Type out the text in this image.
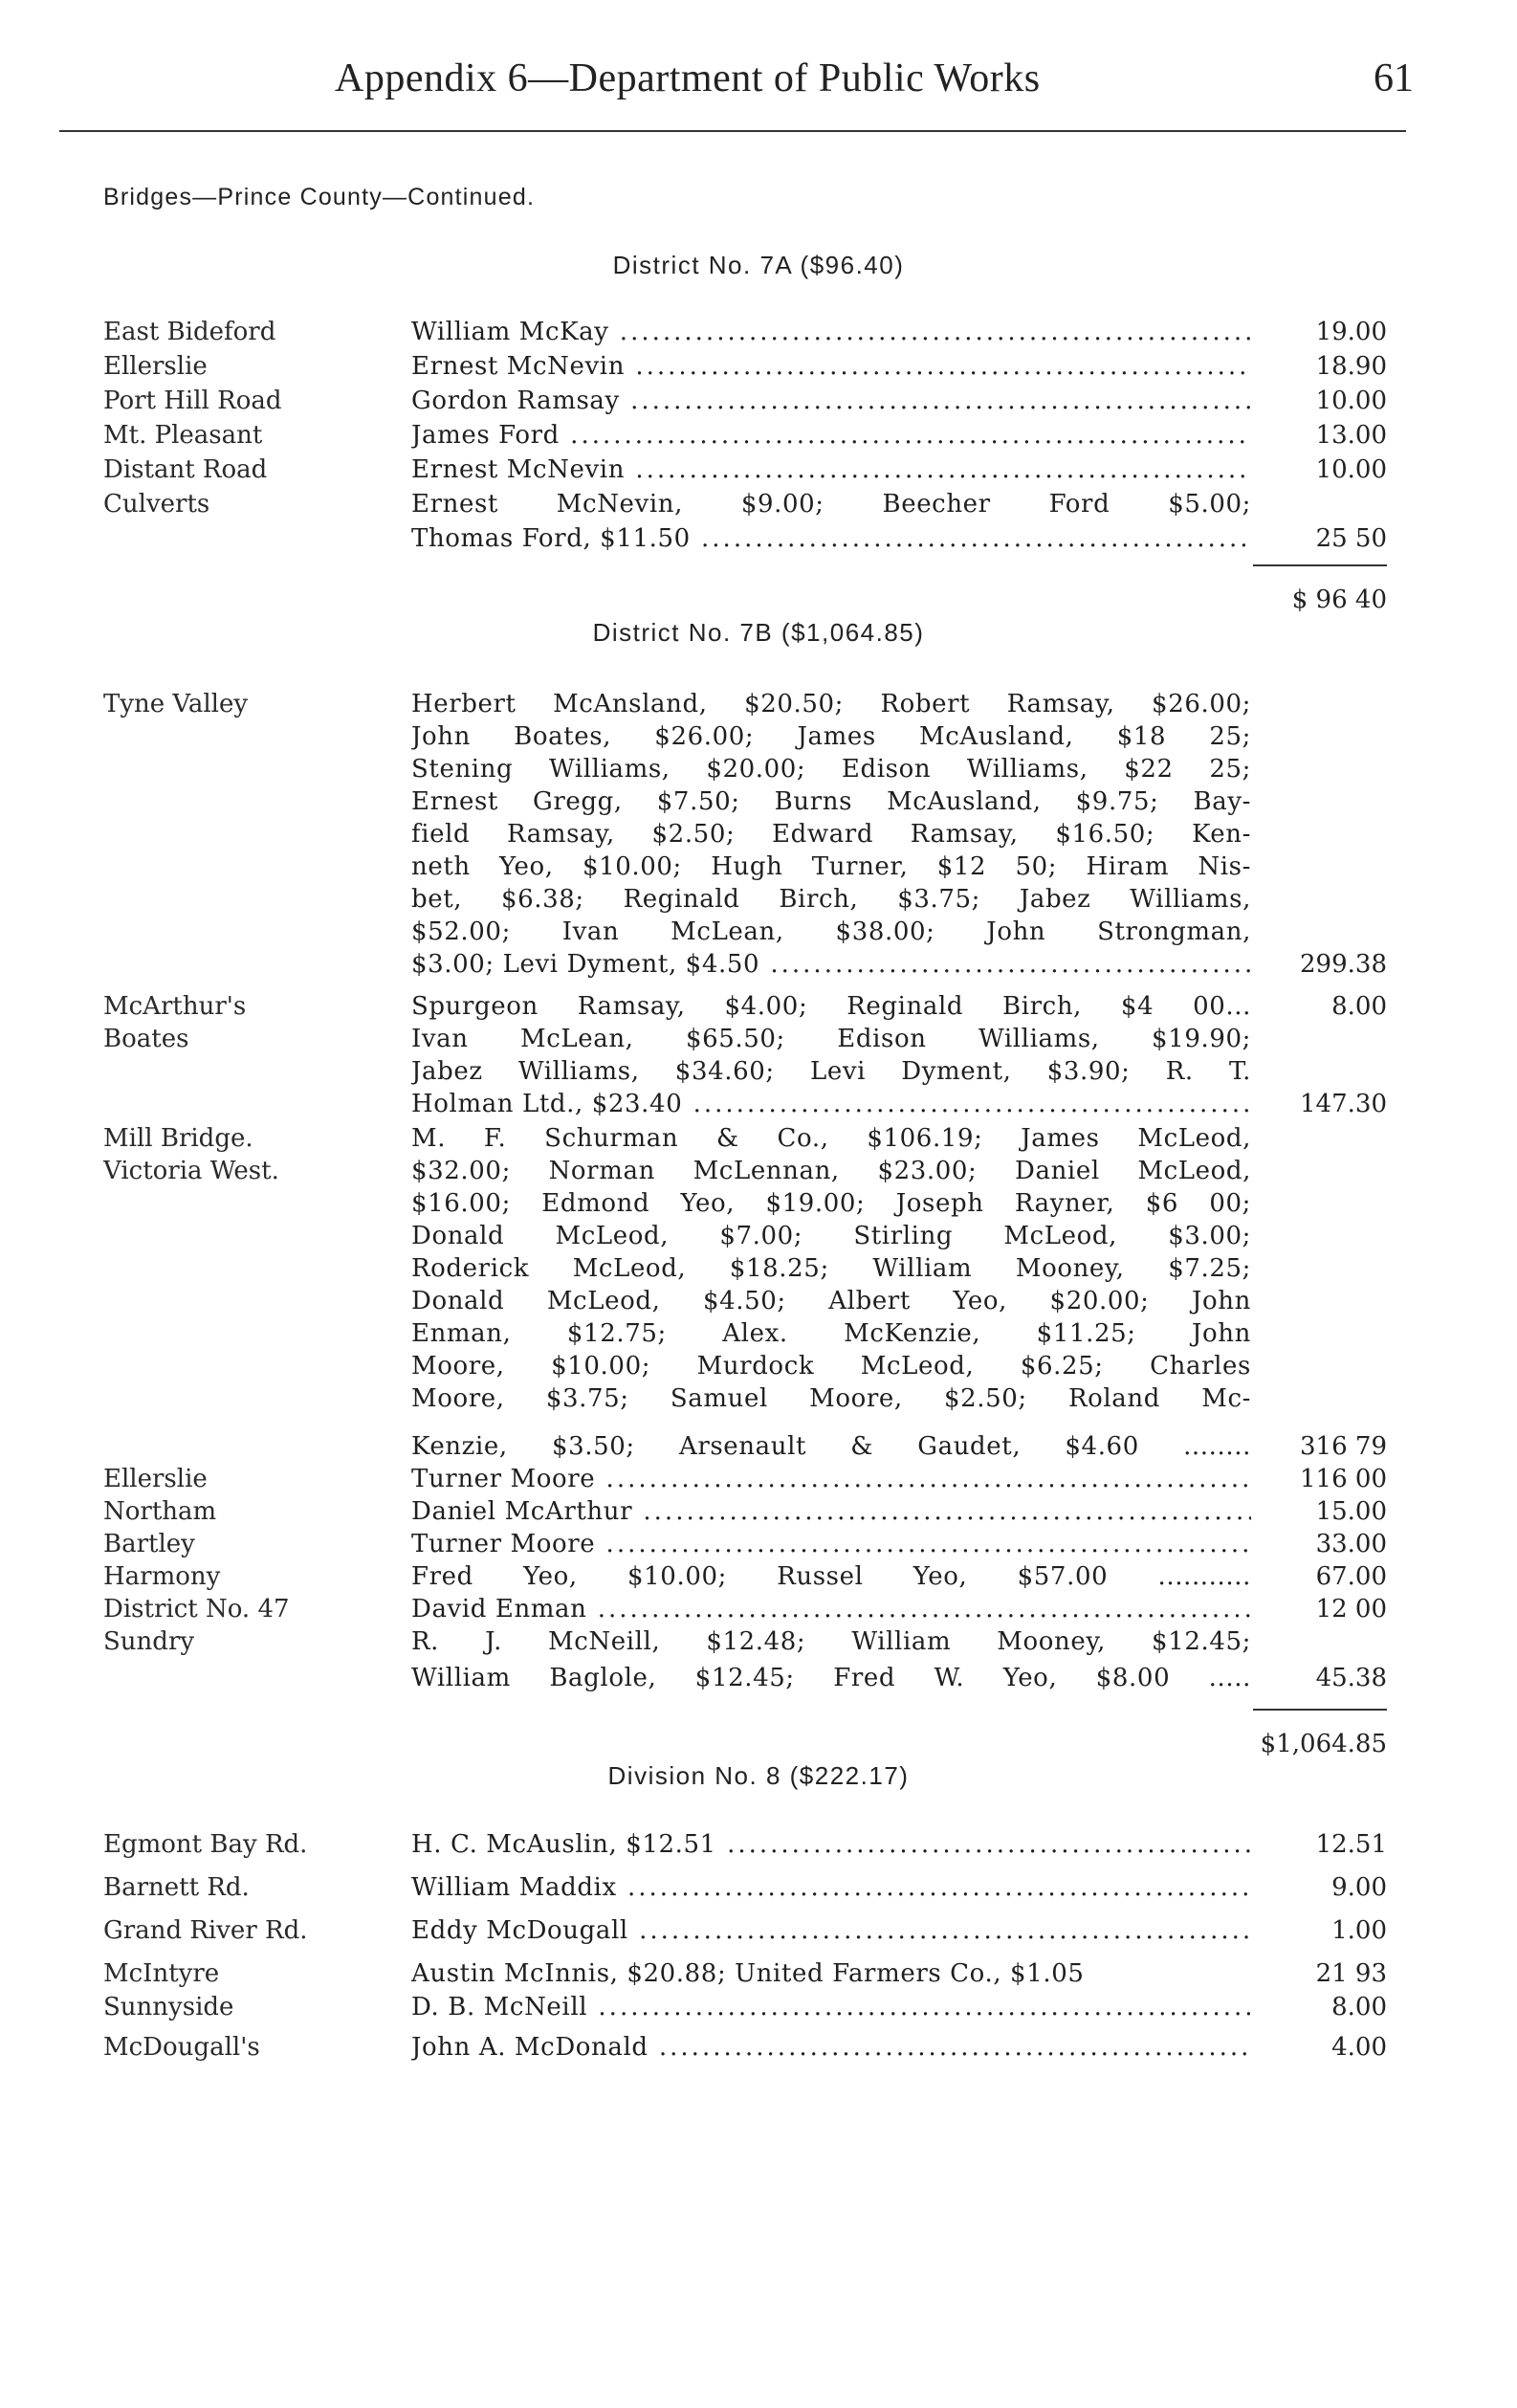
Appendix 6—Department of Public Works	61
Bridges—Prince County—Continued.
District No. 7A ($96.40)
East Bideford	William McKay .....	19.00
Ellerslie	Ernest McNevin .....	18.90
Port Hill Road	Gordon Ramsay .....	10.00
Mt. Pleasant	James Ford .....	13.00
Distant Road	Ernest McNevin .....	10.00
Culverts	Ernest McNevin, $9.00; Beecher Ford $5.00;
Thomas Ford, $11.50 .....	25 50
$ 96 40
District No. 7B ($1,064.85)
Tyne Valley	Herbert McAnsland, $20.50; Robert Ramsay, $26.00;
John Boates, $26.00; James McAusland, $18 25;
Stening Williams, $20.00; Edison Williams, $22 25;
Ernest Gregg, $7.50; Burns McAusland, $9.75; Bay-
field Ramsay, $2.50; Edward Ramsay, $16.50; Ken-
neth Yeo, $10.00; Hugh Turner, $12 50; Hiram Nis-
bet, $6.38; Reginald Birch, $3.75; Jabez Williams,
$52.00; Ivan McLean, $38.00; John Strongman,
$3.00; Levi Dyment, $4.50 .....	299.38
McArthur's	Spurgeon Ramsay, $4.00; Reginald Birch, $4 00...	8.00
Boates	Ivan McLean, $65.50; Edison Williams, $19.90;
Jabez Williams, $34.60; Levi Dyment, $3.90; R. T.
Holman Ltd., $23.40 .....	147.30
Mill Bridge.	M. F. Schurman & Co., $106.19; James McLeod,
Victoria West.	$32.00; Norman McLennan, $23.00; Daniel McLeod,
$16.00; Edmond Yeo, $19.00; Joseph Rayner, $6 00;
Donald McLeod, $7.00; Stirling McLeod, $3.00;
Roderick McLeod, $18.25; William Mooney, $7.25;
Donald McLeod, $4.50; Albert Yeo, $20.00; John
Enman, $12.75; Alex. McKenzie, $11.25; John
Moore, $10.00; Murdock McLeod, $6.25; Charles
Moore, $3.75; Samuel Moore, $2.50; Roland Mc-
Kenzie, $3.50; Arsenault & Gaudet, $4.60 ........	316 79
Ellerslie	Turner Moore .....	116 00
Northam	Daniel McArthur .....	15.00
Bartley	Turner Moore .....	33.00
Harmony	Fred Yeo, $10.00; Russel Yeo, $57.00 ...........	67.00
District No. 47	David Enman .....	12 00
Sundry	R. J. McNeill, $12.48; William Mooney, $12.45;
William Baglole, $12.45; Fred W. Yeo, $8.00 .....	45.38
$1,064.85
Division No. 8 ($222.17)
Egmont Bay Rd.	H. C. McAuslin, $12.51 .....	12.51
Barnett Rd.	William Maddix .....	9.00
Grand River Rd.	Eddy McDougall .....	1.00
McIntyre	Austin McInnis, $20.88; United Farmers Co., $1.05	21 93
Sunnyside	D. B. McNeill .....	8.00
McDougall's	John A. McDonald .....	4.00
